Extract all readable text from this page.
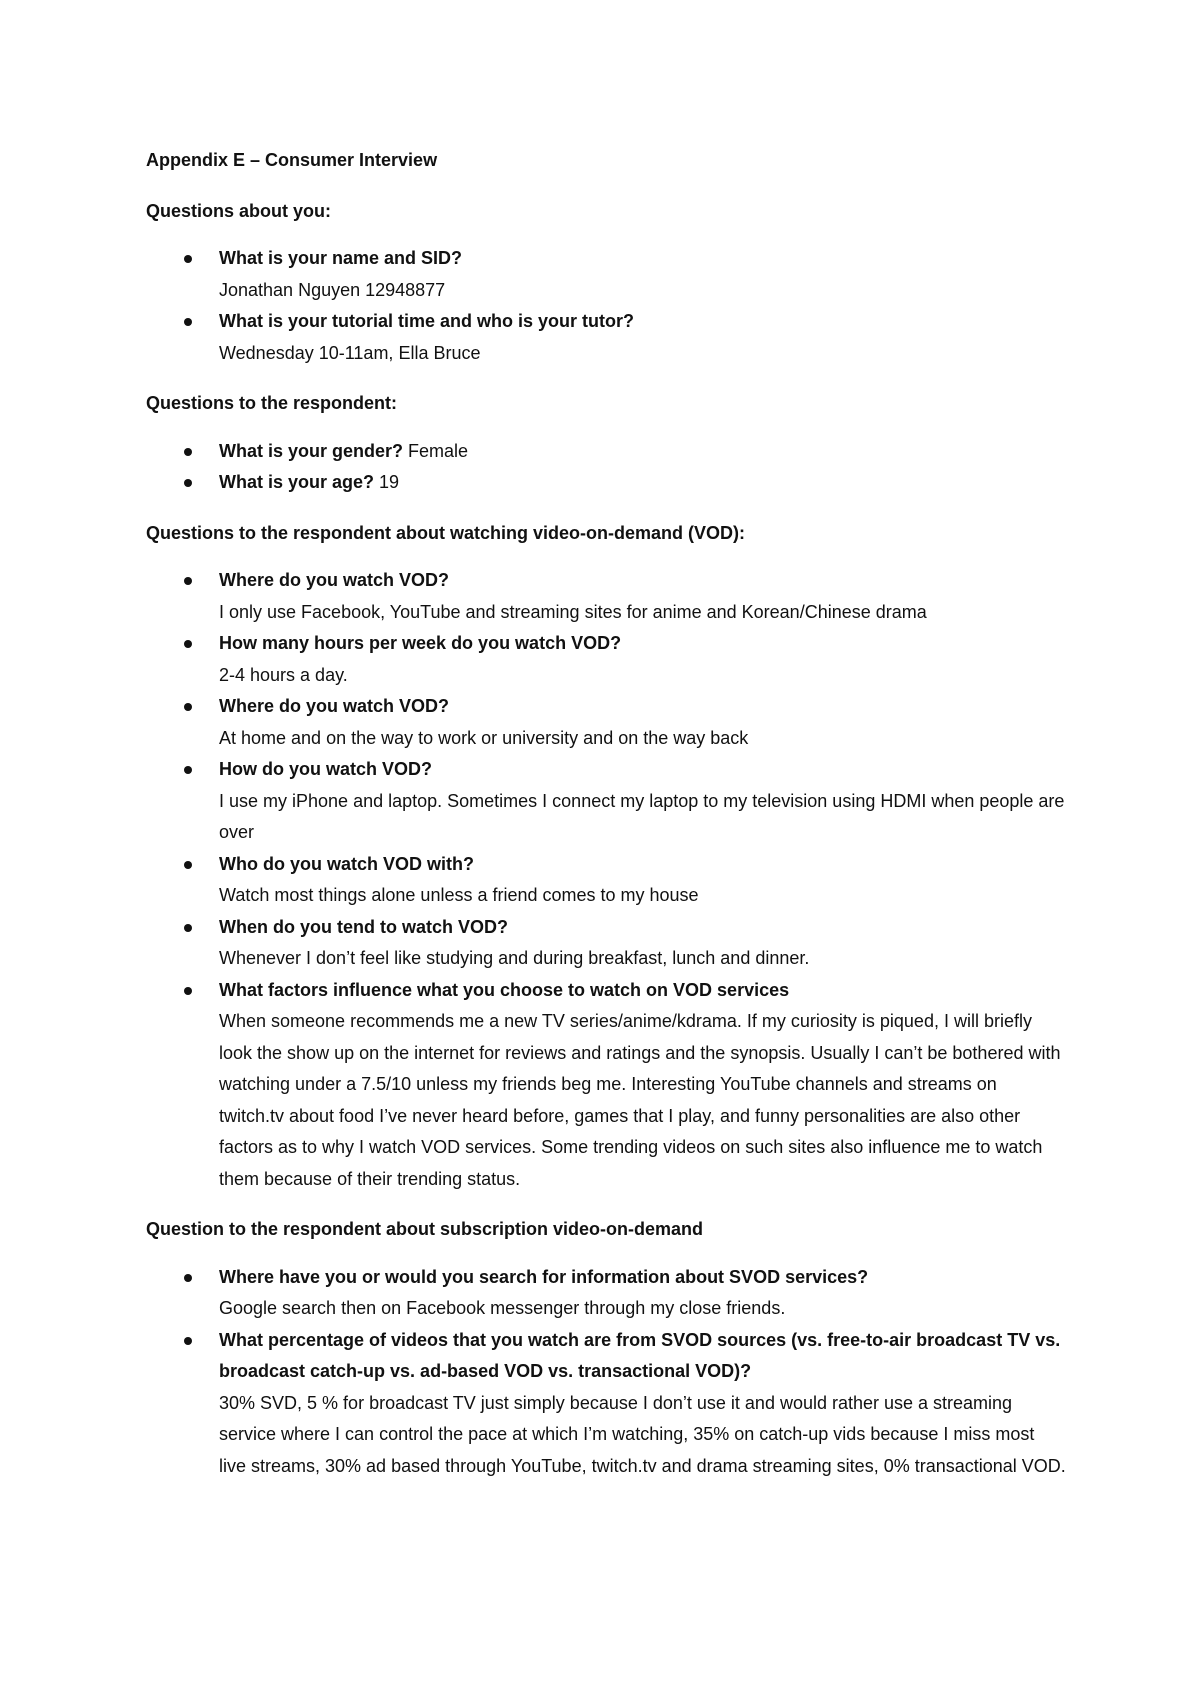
Appendix E – Consumer Interview

Questions about you:

What is your name and SID?
Jonathan Nguyen 12948877
What is your tutorial time and who is your tutor?
Wednesday 10-11am, Ella Bruce

Questions to the respondent:

What is your gender? Female
What is your age? 19

Questions to the respondent about watching video-on-demand (VOD):

Where do you watch VOD?
I only use Facebook, YouTube and streaming sites for anime and Korean/Chinese drama
How many hours per week do you watch VOD?
2-4 hours a day.
Where do you watch VOD?
At home and on the way to work or university and on the way back
How do you watch VOD?
I use my iPhone and laptop. Sometimes I connect my laptop to my television using HDMI when people are over
Who do you watch VOD with?
Watch most things alone unless a friend comes to my house
When do you tend to watch VOD?
Whenever I don’t feel like studying and during breakfast, lunch and dinner.
What factors influence what you choose to watch on VOD services
When someone recommends me a new TV series/anime/kdrama. If my curiosity is piqued, I will briefly look the show up on the internet for reviews and ratings and the synopsis. Usually I can’t be bothered with watching under a 7.5/10 unless my friends beg me. Interesting YouTube channels and streams on twitch.tv about food I’ve never heard before, games that I play, and funny personalities are also other factors as to why I watch VOD services. Some trending videos on such sites also influence me to watch them because of their trending status.

Question to the respondent about subscription video-on-demand

Where have you or would you search for information about SVOD services?
Google search then on Facebook messenger through my close friends.
What percentage of videos that you watch are from SVOD sources (vs. free-to-air broadcast TV vs. broadcast catch-up vs. ad-based VOD vs. transactional VOD)?
30% SVD, 5 % for broadcast TV just simply because I don’t use it and would rather use a streaming service where I can control the pace at which I’m watching, 35% on catch-up vids because I miss most live streams, 30% ad based through YouTube, twitch.tv and drama streaming sites, 0% transactional VOD.
